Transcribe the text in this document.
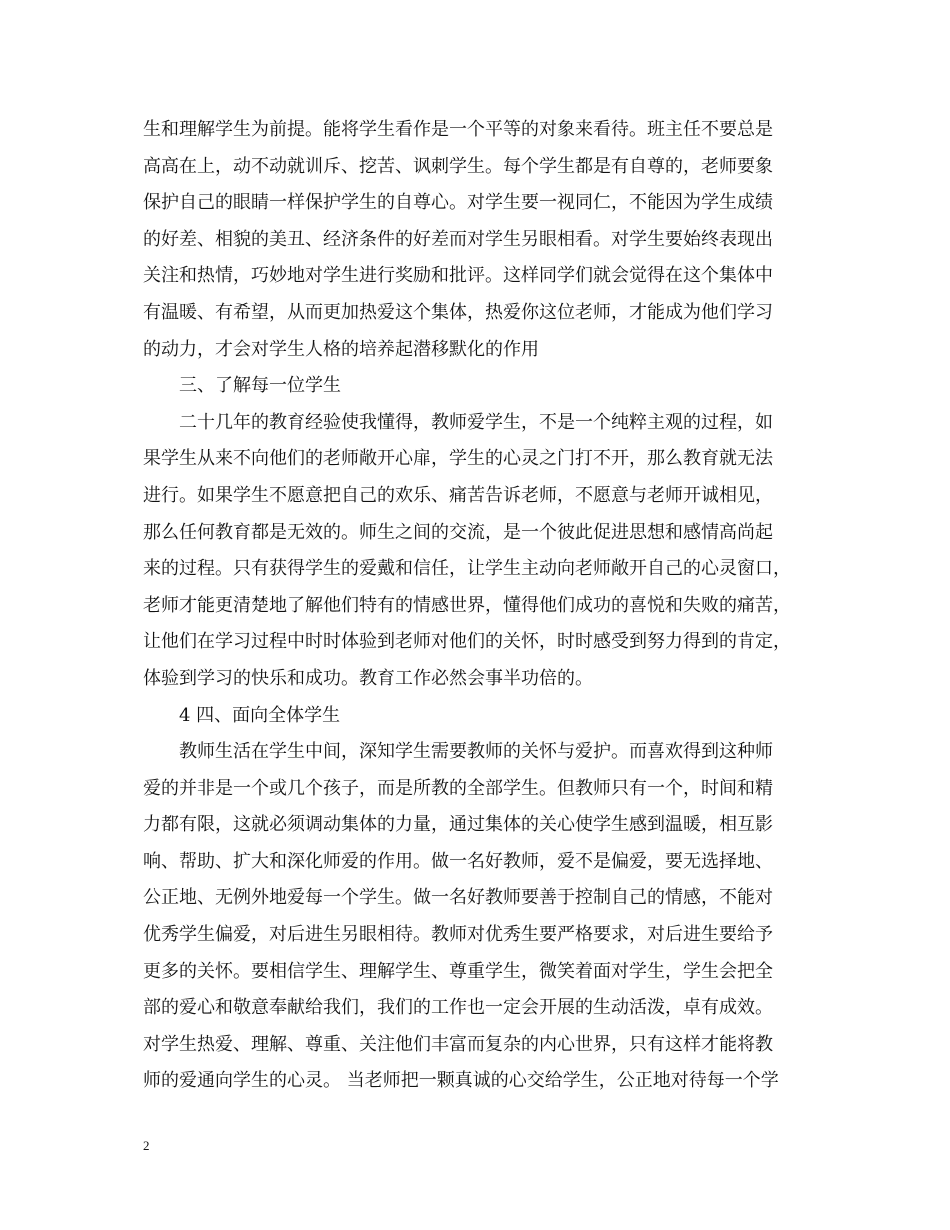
生和理解学生为前提。能将学生看作是一个平等的对象来看待。班主任不要总是
高高在上，动不动就训斥、挖苦、讽刺学生。每个学生都是有自尊的，老师要象
保护自己的眼睛一样保护学生的自尊心。对学生要一视同仁，不能因为学生成绩
的好差、相貌的美丑、经济条件的好差而对学生另眼相看。对学生要始终表现出
关注和热情，巧妙地对学生进行奖励和批评。这样同学们就会觉得在这个集体中
有温暖、有希望，从而更加热爱这个集体，热爱你这位老师，才能成为他们学习
的动力，才会对学生人格的培养起潜移默化的作用
三、了解每一位学生
二十几年的教育经验使我懂得，教师爱学生，不是一个纯粹主观的过程，如
果学生从来不向他们的老师敞开心扉，学生的心灵之门打不开，那么教育就无法
进行。如果学生不愿意把自己的欢乐、痛苦告诉老师，不愿意与老师开诚相见，
那么任何教育都是无效的。师生之间的交流，是一个彼此促进思想和感情高尚起
来的过程。只有获得学生的爱戴和信任，让学生主动向老师敞开自己的心灵窗口，
老师才能更清楚地了解他们特有的情感世界，懂得他们成功的喜悦和失败的痛苦，
让他们在学习过程中时时体验到老师对他们的关怀，时时感受到努力得到的肯定，
体验到学习的快乐和成功。教育工作必然会事半功倍的。
4 四、面向全体学生
教师生活在学生中间，深知学生需要教师的关怀与爱护。而喜欢得到这种师
爱的并非是一个或几个孩子，而是所教的全部学生。但教师只有一个，时间和精
力都有限，这就必须调动集体的力量，通过集体的关心使学生感到温暖，相互影
响、帮助、扩大和深化师爱的作用。做一名好教师，爱不是偏爱，要无选择地、
公正地、无例外地爱每一个学生。做一名好教师要善于控制自己的情感，不能对
优秀学生偏爱，对后进生另眼相待。教师对优秀生要严格要求，对后进生要给予
更多的关怀。要相信学生、理解学生、尊重学生，微笑着面对学生，学生会把全
部的爱心和敬意奉献给我们，我们的工作也一定会开展的生动活泼，卓有成效。
对学生热爱、理解、尊重、关注他们丰富而复杂的内心世界，只有这样才能将教
师的爱通向学生的心灵。 当老师把一颗真诚的心交给学生，公正地对待每一个学
2
